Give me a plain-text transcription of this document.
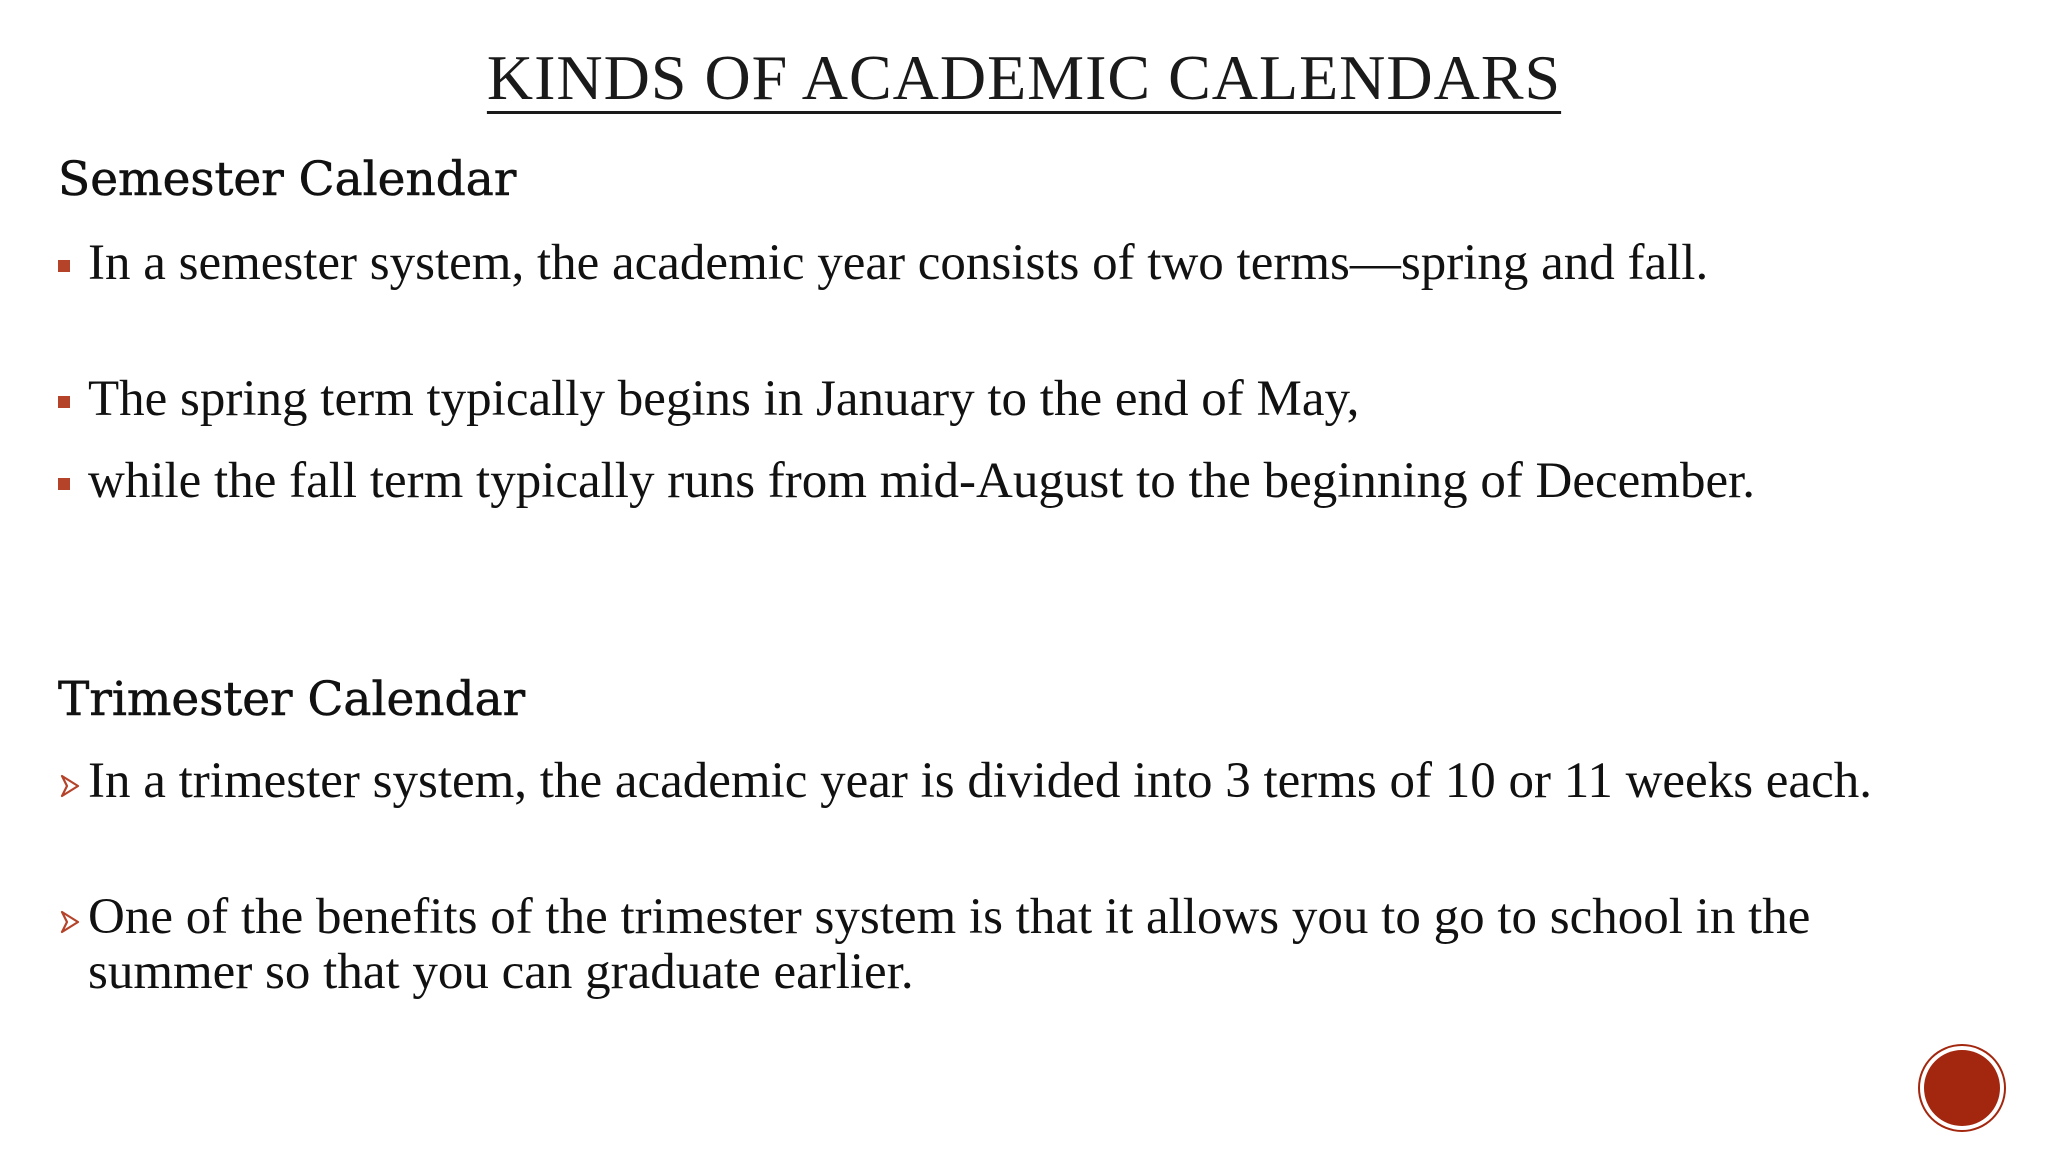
KINDS OF ACADEMIC CALENDARS
Semester Calendar
In a semester system, the academic year consists of two terms—spring and fall.
The spring term typically begins in January to the end of May,
while the fall term typically runs from mid-August to the beginning of December.
Trimester Calendar
In a trimester system, the academic year is divided into 3 terms of 10 or 11 weeks each.
One of the benefits of the trimester system is that it allows you to go to school in the summer so that you can graduate earlier.
